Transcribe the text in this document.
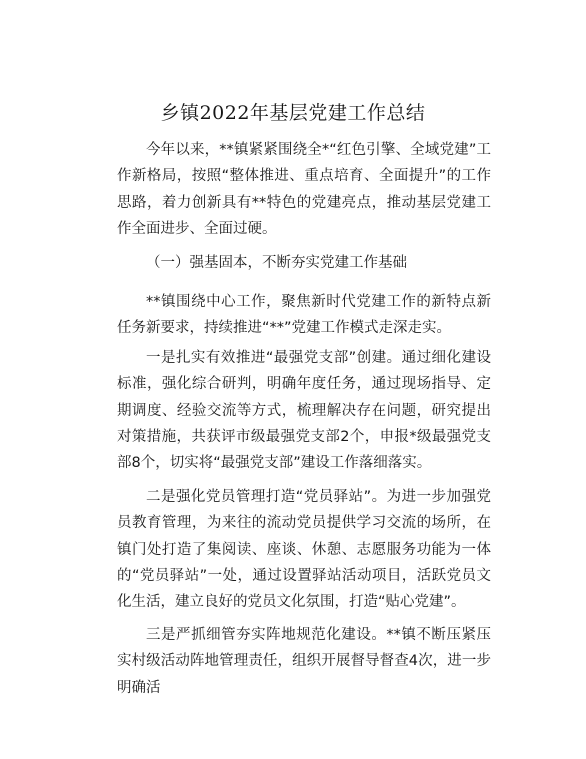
乡镇2022年基层党建工作总结

今年以来，**镇紧紧围绕全*“红色引擎、全域党建”工作新格局，按照“整体推进、重点培育、全面提升”的工作思路，着力创新具有**特色的党建亮点，推动基层党建工作全面进步、全面过硬。

（一）强基固本，不断夯实党建工作基础

**镇围绕中心工作，聚焦新时代党建工作的新特点新任务新要求，持续推进“**”党建工作模式走深走实。

一是扎实有效推进“最强党支部”创建。通过细化建设标准，强化综合研判，明确年度任务，通过现场指导、定期调度、经验交流等方式，梳理解决存在问题，研究提出对策措施，共获评市级最强党支部2个，申报*级最强党支部8个，切实将“最强党支部”建设工作落细落实。

二是强化党员管理打造“党员驿站”。为进一步加强党员教育管理，为来往的流动党员提供学习交流的场所，在镇门处打造了集阅读、座谈、休憩、志愿服务功能为一体的“党员驿站”一处，通过设置驿站活动项目，活跃党员文化生活，建立良好的党员文化氛围，打造“贴心党建”。

三是严抓细管夯实阵地规范化建设。**镇不断压紧压实村级活动阵地管理责任，组织开展督导督查4次，进一步明确活
